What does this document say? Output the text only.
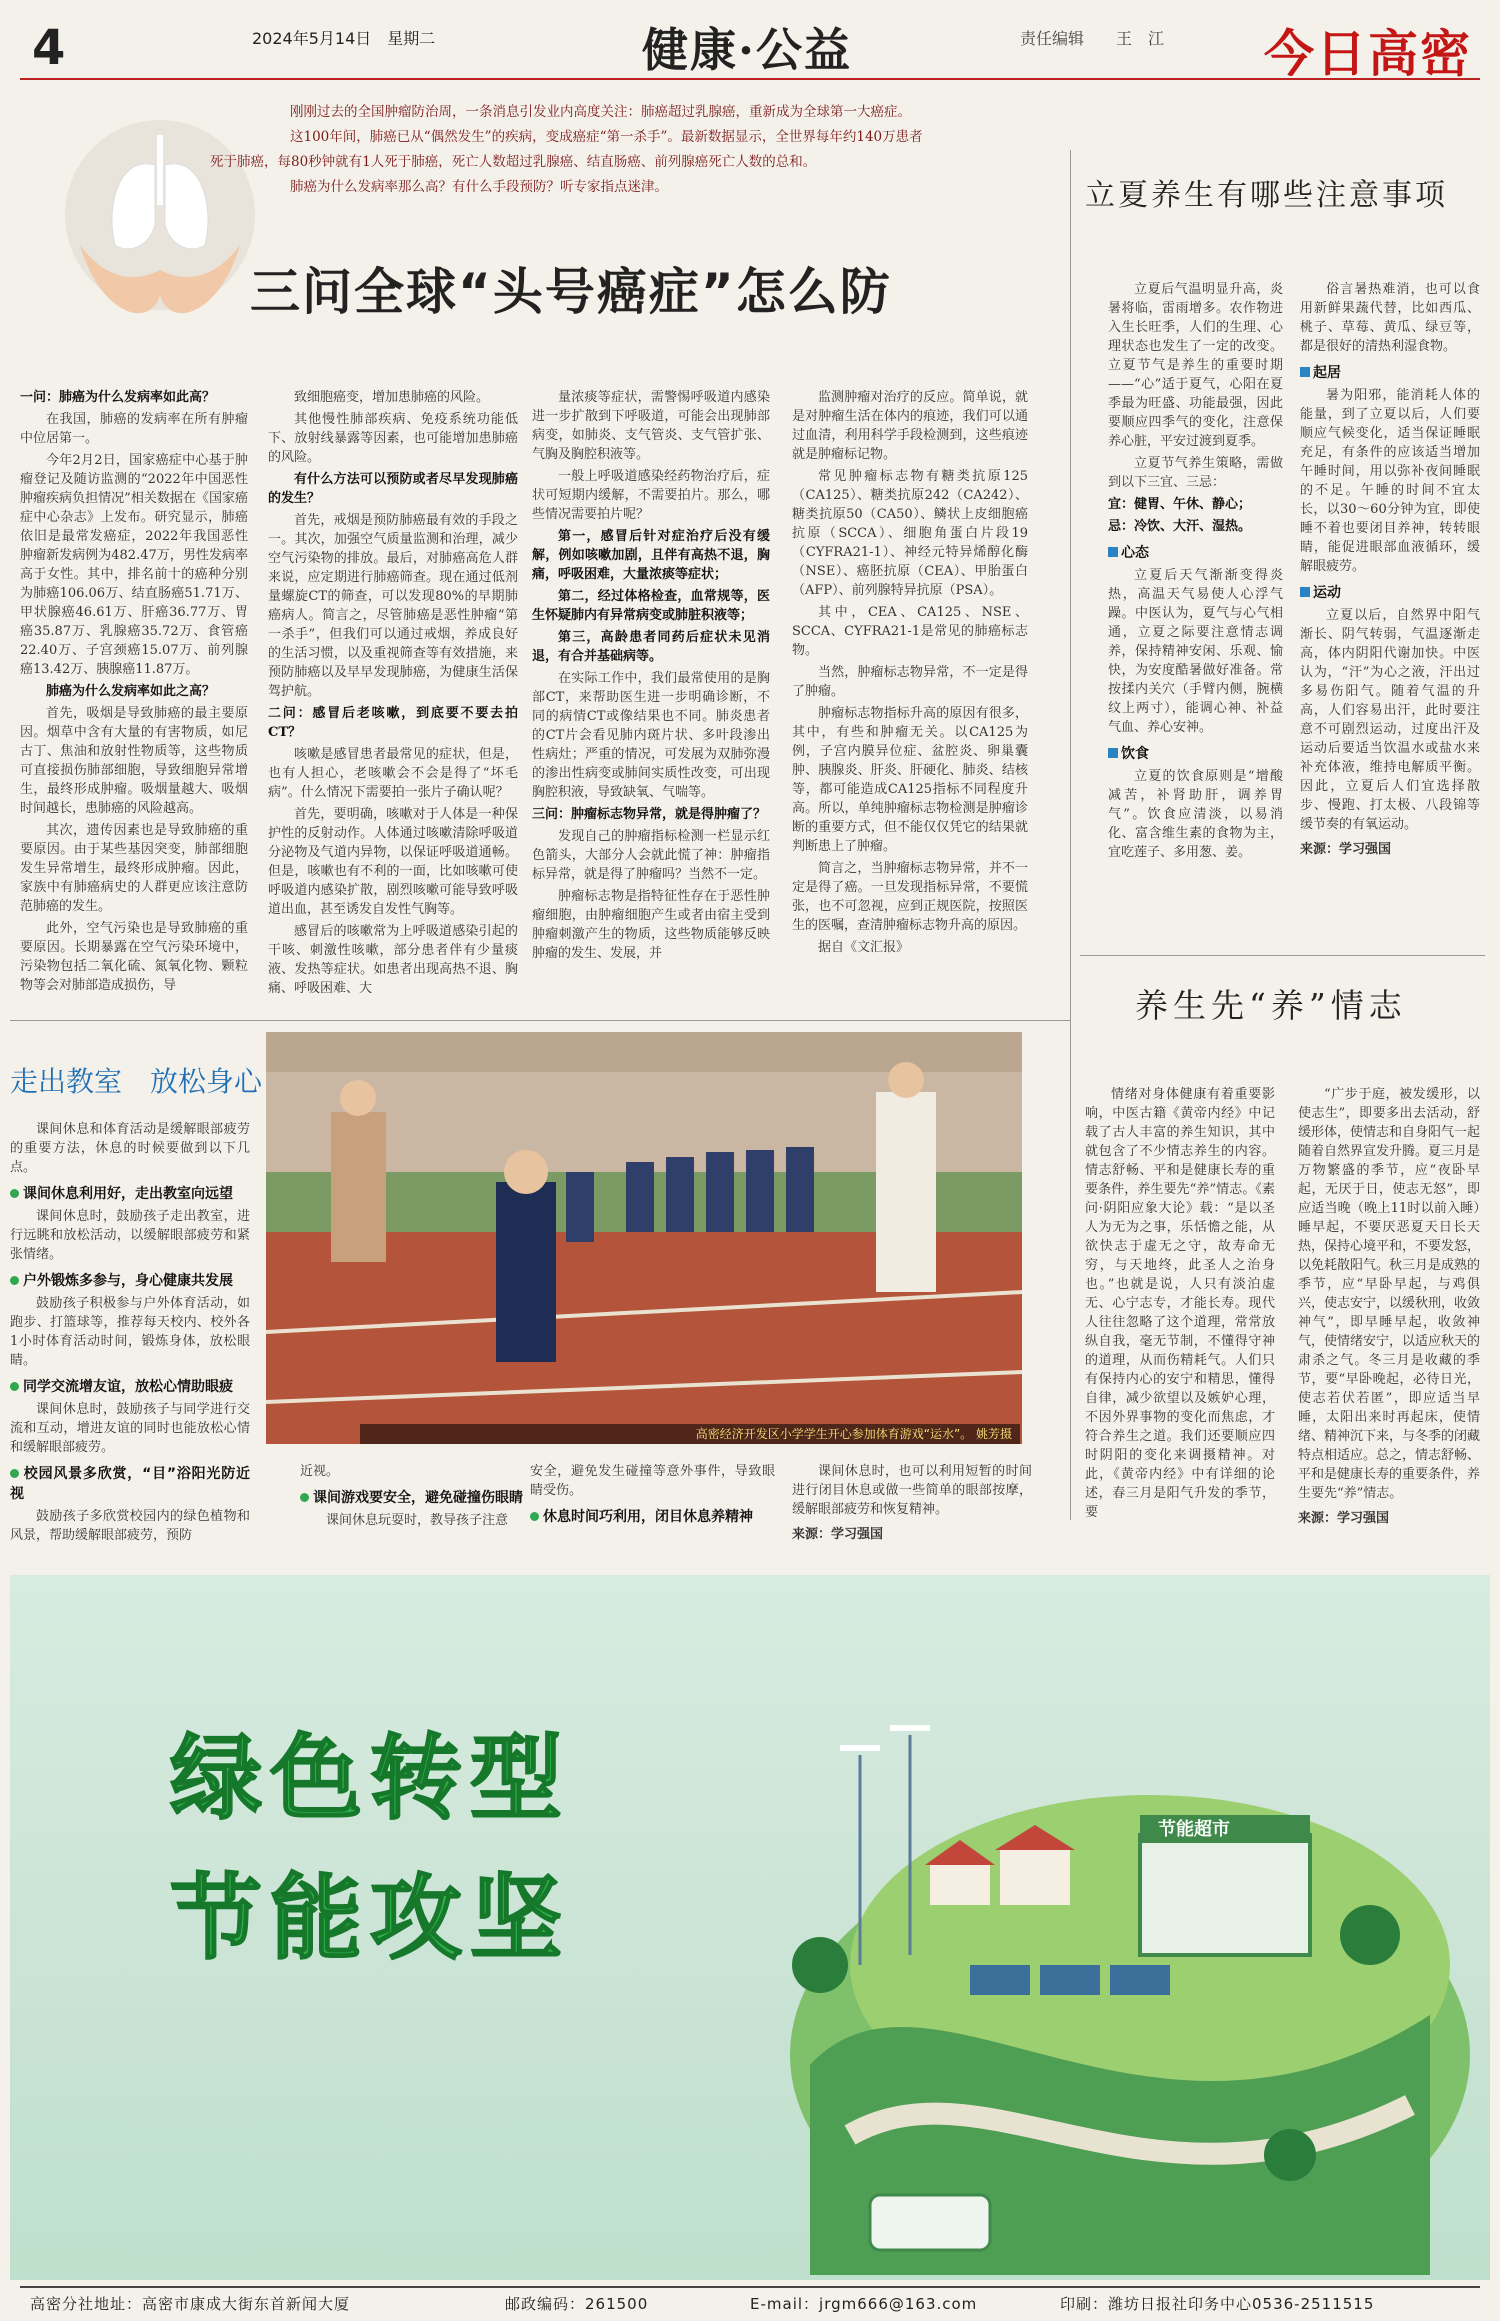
4	2024年5月14日　星期二	健康·公益	责任编辑　　王　江 今日高密
刚刚过去的全国肿瘤防治周，一条消息引发业内高度关注：肺癌超过乳腺癌，重新成为全球第一大癌症。
这100年间，肺癌已从“偶然发生”的疾病，变成癌症“第一杀手”。最新数据显示，全世界每年约140万患者
死于肺癌，每80秒钟就有1人死于肺癌，死亡人数超过乳腺癌、结直肠癌、前列腺癌死亡人数的总和。
肺癌为什么发病率那么高？有什么手段预防？听专家指点迷津。
三问全球“头号癌症”怎么防

一问：肺癌为什么发病率如此高？

在我国，肺癌的发病率在所有肿瘤中位居第一。

今年2月2日，国家癌症中心基于肿瘤登记及随访监测的“2022年中国恶性肿瘤疾病负担情况”相关数据在《国家癌症中心杂志》上发布。研究显示，肺癌依旧是最常发癌症，2022年我国恶性肿瘤新发病例为482.47万，男性发病率高于女性。其中，排名前十的癌种分别为肺癌106.06万、结直肠癌51.71万、甲状腺癌46.61万、肝癌36.77万、胃癌35.87万、乳腺癌35.72万、食管癌22.40万、子宫颈癌15.07万、前列腺癌13.42万、胰腺癌11.87万。

肺癌为什么发病率如此之高？

首先，吸烟是导致肺癌的最主要原因。烟草中含有大量的有害物质，如尼古丁、焦油和放射性物质等，这些物质可直接损伤肺部细胞，导致细胞异常增生，最终形成肿瘤。吸烟量越大、吸烟时间越长，患肺癌的风险越高。

其次，遗传因素也是导致肺癌的重要原因。由于某些基因突变，肺部细胞发生异常增生，最终形成肿瘤。因此，家族中有肺癌病史的人群更应该注意防范肺癌的发生。

此外，空气污染也是导致肺癌的重要原因。长期暴露在空气污染环境中，污染物包括二氧化硫、氮氧化物、颗粒物等会对肺部造成损伤，导

致细胞癌变，增加患肺癌的风险。

其他慢性肺部疾病、免疫系统功能低下、放射线暴露等因素，也可能增加患肺癌的风险。

有什么方法可以预防或者尽早发现肺癌的发生？

首先，戒烟是预防肺癌最有效的手段之一。其次，加强空气质量监测和治理，减少空气污染物的排放。最后，对肺癌高危人群来说，应定期进行肺癌筛查。现在通过低剂量螺旋CT的筛查，可以发现80%的早期肺癌病人。简言之，尽管肺癌是恶性肿瘤“第一杀手”，但我们可以通过戒烟，养成良好的生活习惯，以及重视筛查等有效措施，来预防肺癌以及早早发现肺癌，为健康生活保驾护航。

二问：感冒后老咳嗽，到底要不要去拍CT？

咳嗽是感冒患者最常见的症状，但是，也有人担心，老咳嗽会不会是得了“坏毛病”。什么情况下需要拍一张片子确认呢？

首先，要明确，咳嗽对于人体是一种保护性的反射动作。人体通过咳嗽清除呼吸道分泌物及气道内异物，以保证呼吸道通畅。但是，咳嗽也有不利的一面，比如咳嗽可使呼吸道内感染扩散，剧烈咳嗽可能导致呼吸道出血，甚至诱发自发性气胸等。

感冒后的咳嗽常为上呼吸道感染引起的干咳、刺激性咳嗽，部分患者伴有少量痰液、发热等症状。如患者出现高热不退、胸痛、呼吸困难、大

量浓痰等症状，需警惕呼吸道内感染进一步扩散到下呼吸道，可能会出现肺部病变，如肺炎、支气管炎、支气管扩张、气胸及胸腔积液等。

一般上呼吸道感染经药物治疗后，症状可短期内缓解，不需要拍片。那么，哪些情况需要拍片呢？

第一，感冒后针对症治疗后没有缓解，例如咳嗽加剧，且伴有高热不退，胸痛，呼吸困难，大量浓痰等症状；

第二，经过体格检查，血常规等，医生怀疑肺内有异常病变或肺脏积液等；

第三，高龄患者同药后症状未见消退，有合并基础病等。

在实际工作中，我们最常使用的是胸部CT，来帮助医生进一步明确诊断，不同的病情CT或像结果也不同。肺炎患者的CT片会看见肺内斑片状、多叶段渗出性病灶；严重的情况，可发展为双肺弥漫的渗出性病变或肺间实质性改变，可出现胸腔积液，导致缺氧、气喘等。

三问：肿瘤标志物异常，就是得肿瘤了？

发现自己的肿瘤指标检测一栏显示红色箭头，大部分人会就此慌了神：肿瘤指标异常，就是得了肿瘤吗？当然不一定。

肿瘤标志物是指特征性存在于恶性肿瘤细胞，由肿瘤细胞产生或者由宿主受到肿瘤刺激产生的物质，这些物质能够反映肿瘤的发生、发展，并

监测肿瘤对治疗的反应。简单说，就是对肿瘤生活在体内的痕迹，我们可以通过血清，利用科学手段检测到，这些痕迹就是肿瘤标记物。

常见肿瘤标志物有糖类抗原125（CA125）、糖类抗原242（CA242）、糖类抗原50（CA50）、鳞状上皮细胞癌抗原（SCCA）、细胞角蛋白片段19（CYFRA21-1）、神经元特异烯醇化酶（NSE）、癌胚抗原（CEA）、甲胎蛋白（AFP）、前列腺特异抗原（PSA）。

其中，CEA、CA125、NSE、SCCA、CYFRA21-1是常见的肺癌标志物。

当然，肿瘤标志物异常，不一定是得了肿瘤。

肿瘤标志物指标升高的原因有很多，其中，有些和肿瘤无关。以CA125为例，子宫内膜异位症、盆腔炎、卵巢囊肿、胰腺炎、肝炎、肝硬化、肺炎、结核等，都可能造成CA125指标不同程度升高。所以，单纯肿瘤标志物检测是肿瘤诊断的重要方式，但不能仅仅凭它的结果就判断患上了肿瘤。

简言之，当肿瘤标志物异常，并不一定是得了癌。一旦发现指标异常，不要慌张，也不可忽视，应到正规医院，按照医生的医嘱，查清肿瘤标志物升高的原因。

据自《文汇报》

立夏养生有哪些注意事项

立夏后气温明显升高，炎暑将临，雷雨增多。农作物进入生长旺季，人们的生理、心理状态也发生了一定的改变。立夏节气是养生的重要时期——“心”适于夏气，心阳在夏季最为旺盛、功能最强，因此要顺应四季气的变化，注意保养心脏，平安过渡到夏季。

立夏节气养生策略，需做到以下三宜、三忌：

宜：健胃、午休、静心；

忌：冷饮、大汗、湿热。

心态

立夏后天气渐渐变得炎热，高温天气易使人心浮气躁。中医认为，夏气与心气相通，立夏之际要注意情志调养，保持精神安闲、乐观、愉快，为安度酷暑做好准备。常按揉内关穴（手臂内侧，腕横纹上两寸），能调心神、补益气血、养心安神。

饮食

立夏的饮食原则是“增酸减苦，补肾助肝，调养胃气”。饮食应清淡，以易消化、富含维生素的食物为主，宜吃莲子、多用葱、姜。

俗言暑热难消，也可以食用新鲜果蔬代替，比如西瓜、桃子、草莓、黄瓜、绿豆等，都是很好的清热利湿食物。

起居

暑为阳邪，能消耗人体的能量，到了立夏以后，人们要顺应气候变化，适当保证睡眠充足，有条件的应该适当增加午睡时间，用以弥补夜间睡眠的不足。午睡的时间不宜太长，以30～60分钟为宜，即使睡不着也要闭目养神，转转眼睛，能促进眼部血液循环，缓解眼疲劳。

运动

立夏以后，自然界中阳气渐长、阴气转弱，气温逐渐走高，体内阴阳代谢加快。中医认为，“汗”为心之液，汗出过多易伤阳气。随着气温的升高，人们容易出汗，此时要注意不可剧烈运动，过度出汗及运动后要适当饮温水或盐水来补充体液，维持电解质平衡。因此，立夏后人们宜选择散步、慢跑、打太极、八段锦等缓节奏的有氧运动。

来源：学习强国

养生先“养”情志

情绪对身体健康有着重要影响，中医古籍《黄帝内经》中记载了古人丰富的养生知识，其中就包含了不少情志养生的内容。情志舒畅、平和是健康长寿的重要条件，养生要先“养”情志。《素问·阴阳应象大论》载：“是以圣人为无为之事，乐恬憺之能，从欲快志于虚无之守，故寿命无穷，与天地终，此圣人之治身也。”也就是说，人只有淡泊虚无、心宁志专，才能长寿。现代人往往忽略了这个道理，常常放纵自我，毫无节制，不懂得守神的道理，从而伤精耗气。人们只有保持内心的安宁和精思，懂得自律，减少欲望以及嫉妒心理，不因外界事物的变化而焦虑，才符合养生之道。我们还要顺应四时阴阳的变化来调摄精神。对此，《黄帝内经》中有详细的论述，春三月是阳气升发的季节，要

“广步于庭，被发缓形，以使志生”，即要多出去活动，舒缓形体，使情志和自身阳气一起随着自然界宣发升腾。夏三月是万物繁盛的季节，应“夜卧早起，无厌于日，使志无怒”，即应适当晚（晚上11时以前入睡）睡早起，不要厌恶夏天日长天热，保持心境平和，不要发怒，以免耗散阳气。秋三月是成熟的季节，应“早卧早起，与鸡俱兴，使志安宁，以缓秋刑，收敛神气”，即早睡早起，收敛神气，使情绪安宁，以适应秋天的肃杀之气。冬三月是收藏的季节，要“早卧晚起，必待日光，使志若伏若匿”，即应适当早睡，太阳出来时再起床，使情绪、精神沉下来，与冬季的闭藏特点相适应。总之，情志舒畅、平和是健康长寿的重要条件，养生要先“养”情志。

来源：学习强国

走出教室　放松身心

课间休息和体育活动是缓解眼部疲劳的重要方法，休息的时候要做到以下几点。

课间休息利用好，走出教室向远望

课间休息时，鼓励孩子走出教室，进行远眺和放松活动，以缓解眼部疲劳和紧张情绪。

户外锻炼多参与，身心健康共发展

鼓励孩子积极参与户外体育活动，如跑步、打篮球等，推荐每天校内、校外各1小时体育活动时间，锻炼身体，放松眼睛。

同学交流增友谊，放松心情助眼疲

课间休息时，鼓励孩子与同学进行交流和互动，增进友谊的同时也能放松心情和缓解眼部疲劳。

校园风景多欣赏，“目”浴阳光防近视

鼓励孩子多欣赏校园内的绿色植物和风景，帮助缓解眼部疲劳，预防

高密经济开发区小学学生开心参加体育游戏“运水”。 姚芳摄

近视。

课间游戏要安全，避免碰撞伤眼睛

课间休息玩耍时，教导孩子注意

安全，避免发生碰撞等意外事件，导致眼睛受伤。

休息时间巧利用，闭目休息养精神

课间休息时，也可以利用短暂的时间进行闭目休息或做一些简单的眼部按摩，缓解眼部疲劳和恢复精神。

来源：学习强国

绿色转型
节能攻坚
节能超市
高密分社地址：高密市康成大街东首新闻大厦	邮政编码：261500	E-mail：jrgm666@163.com	印刷：潍坊日报社印务中心0536-2511515
